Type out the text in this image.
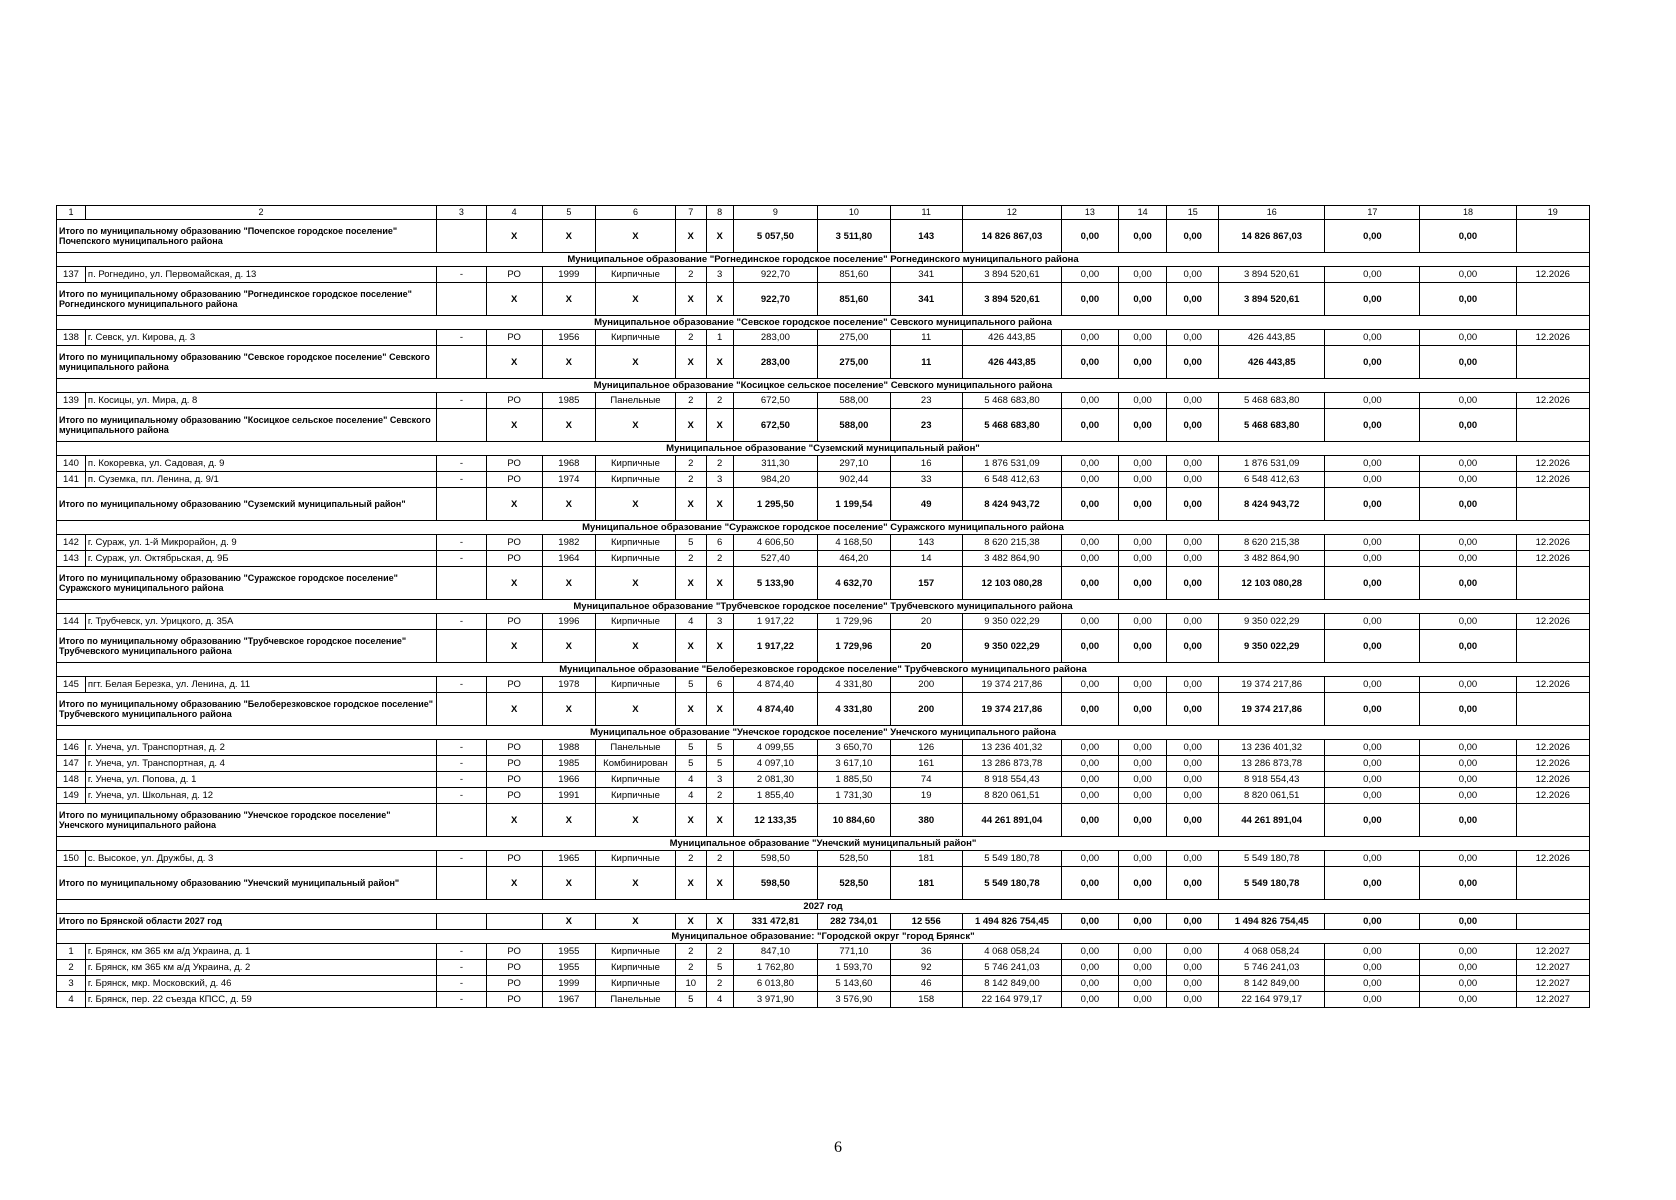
1	2	3	4	5	6	7	8	9	10	11	12	13	14	15	16	17	18	19
Итого по муниципальному образованию "Почепское городское поселение" Почепского муниципального района			X	X	X	X	X	5 057,50	3 511,80	143	14 826 867,03	0,00	0,00	0,00	14 826 867,03	0,00	0,00	
Муниципальное образование "Рогнединское городское поселение" Рогнединского муниципального района																		
137	п. Рогнедино, ул. Первомайская, д. 13	-	РО	1999	Кирпичные	2	3	922,70	851,60	341	3 894 520,61	0,00	0,00	0,00	3 894 520,61	0,00	0,00	12.2026
Итого по муниципальному образованию "Рогнединское городское поселение" Рогнединского муниципального района			X	X	X	X	X	922,70	851,60	341	3 894 520,61	0,00	0,00	0,00	3 894 520,61	0,00	0,00	
Муниципальное образование "Севское городское поселение" Севского муниципального района																		
138	г. Севск, ул. Кирова, д. 3	-	РО	1956	Кирпичные	2	1	283,00	275,00	11	426 443,85	0,00	0,00	0,00	426 443,85	0,00	0,00	12.2026
Итого по муниципальному образованию "Севское городское поселение" Севского муниципального района			X	X	X	X	X	283,00	275,00	11	426 443,85	0,00	0,00	0,00	426 443,85	0,00	0,00	
Муниципальное образование "Косицкое сельское поселение" Севского муниципального района																		
139	п. Косицы, ул. Мира, д. 8	-	РО	1985	Панельные	2	2	672,50	588,00	23	5 468 683,80	0,00	0,00	0,00	5 468 683,80	0,00	0,00	12.2026
Итого по муниципальному образованию "Косицкое сельское поселение" Севского муниципального района			X	X	X	X	X	672,50	588,00	23	5 468 683,80	0,00	0,00	0,00	5 468 683,80	0,00	0,00	
Муниципальное образование "Суземский муниципальный район"																		
140	п. Кокоревка, ул. Садовая, д. 9	-	РО	1968	Кирпичные	2	2	311,30	297,10	16	1 876 531,09	0,00	0,00	0,00	1 876 531,09	0,00	0,00	12.2026
141	п. Суземка, пл. Ленина, д. 9/1	-	РО	1974	Кирпичные	2	3	984,20	902,44	33	6 548 412,63	0,00	0,00	0,00	6 548 412,63	0,00	0,00	12.2026
Итого по муниципальному образованию "Суземский муниципальный район"			X	X	X	X	X	1 295,50	1 199,54	49	8 424 943,72	0,00	0,00	0,00	8 424 943,72	0,00	0,00	
Муниципальное образование "Суражское городское поселение" Суражского муниципального района																		
142	г. Сураж, ул. 1-й Микрорайон, д. 9	-	РО	1982	Кирпичные	5	6	4 606,50	4 168,50	143	8 620 215,38	0,00	0,00	0,00	8 620 215,38	0,00	0,00	12.2026
143	г. Сураж, ул. Октябрьская, д. 9Б	-	РО	1964	Кирпичные	2	2	527,40	464,20	14	3 482 864,90	0,00	0,00	0,00	3 482 864,90	0,00	0,00	12.2026
Итого по муниципальному образованию "Суражское городское поселение" Суражского муниципального района			X	X	X	X	X	5 133,90	4 632,70	157	12 103 080,28	0,00	0,00	0,00	12 103 080,28	0,00	0,00	
Муниципальное образование "Трубчевское городское поселение" Трубчевского муниципального района																		
144	г. Трубчевск, ул. Урицкого, д. 35А	-	РО	1996	Кирпичные	4	3	1 917,22	1 729,96	20	9 350 022,29	0,00	0,00	0,00	9 350 022,29	0,00	0,00	12.2026
Итого по муниципальному образованию "Трубчевское городское поселение" Трубчевского муниципального района			X	X	X	X	X	1 917,22	1 729,96	20	9 350 022,29	0,00	0,00	0,00	9 350 022,29	0,00	0,00	
Муниципальное образование "Белоберезковское городское поселение" Трубчевского муниципального района																		
145	пгт. Белая Березка, ул. Ленина, д. 11	-	РО	1978	Кирпичные	5	6	4 874,40	4 331,80	200	19 374 217,86	0,00	0,00	0,00	19 374 217,86	0,00	0,00	12.2026
Итого по муниципальному образованию "Белоберезковское городское поселение" Трубчевского муниципального района			X	X	X	X	X	4 874,40	4 331,80	200	19 374 217,86	0,00	0,00	0,00	19 374 217,86	0,00	0,00	
Муниципальное образование "Унечское городское поселение" Унечского муниципального района																		
146	г. Унеча, ул. Транспортная, д. 2	-	РО	1988	Панельные	5	5	4 099,55	3 650,70	126	13 236 401,32	0,00	0,00	0,00	13 236 401,32	0,00	0,00	12.2026
147	г. Унеча, ул. Транспортная, д. 4	-	РО	1985	Комбинирован	5	5	4 097,10	3 617,10	161	13 286 873,78	0,00	0,00	0,00	13 286 873,78	0,00	0,00	12.2026
148	г. Унеча, ул. Попова, д. 1	-	РО	1966	Кирпичные	4	3	2 081,30	1 885,50	74	8 918 554,43	0,00	0,00	0,00	8 918 554,43	0,00	0,00	12.2026
149	г. Унеча, ул. Школьная, д. 12	-	РО	1991	Кирпичные	4	2	1 855,40	1 731,30	19	8 820 061,51	0,00	0,00	0,00	8 820 061,51	0,00	0,00	12.2026
Итого по муниципальному образованию "Унечское городское поселение" Унечского муниципального района			X	X	X	X	X	12 133,35	10 884,60	380	44 261 891,04	0,00	0,00	0,00	44 261 891,04	0,00	0,00	
Муниципальное образование "Унечский муниципальный район"																		
150	с. Высокое, ул. Дружбы, д. 3	-	РО	1965	Кирпичные	2	2	598,50	528,50	181	5 549 180,78	0,00	0,00	0,00	5 549 180,78	0,00	0,00	12.2026
Итого по муниципальному образованию "Унечский муниципальный район"			X	X	X	X	X	598,50	528,50	181	5 549 180,78	0,00	0,00	0,00	5 549 180,78	0,00	0,00	
2027 год																		
Итого по Брянской области 2027 год				X	X	X	X	331 472,81	282 734,01	12 556	1 494 826 754,45	0,00	0,00	0,00	1 494 826 754,45	0,00	0,00	
Муниципальное образование: "Городской округ "город Брянск"																		
1	г. Брянск, км 365 км а/д Украина, д. 1	-	РО	1955	Кирпичные	2	2	847,10	771,10	36	4 068 058,24	0,00	0,00	0,00	4 068 058,24	0,00	0,00	12.2027
2	г. Брянск, км 365 км а/д Украина, д. 2	-	РО	1955	Кирпичные	2	5	1 762,80	1 593,70	92	5 746 241,03	0,00	0,00	0,00	5 746 241,03	0,00	0,00	12.2027
3	г. Брянск, мкр. Московский, д. 46	-	РО	1999	Кирпичные	10	2	6 013,80	5 143,60	46	8 142 849,00	0,00	0,00	0,00	8 142 849,00	0,00	0,00	12.2027
4	г. Брянск, пер. 22 съезда КПСС, д. 59	-	РО	1967	Панельные	5	4	3 971,90	3 576,90	158	22 164 979,17	0,00	0,00	0,00	22 164 979,17	0,00	0,00	12.2027
6
